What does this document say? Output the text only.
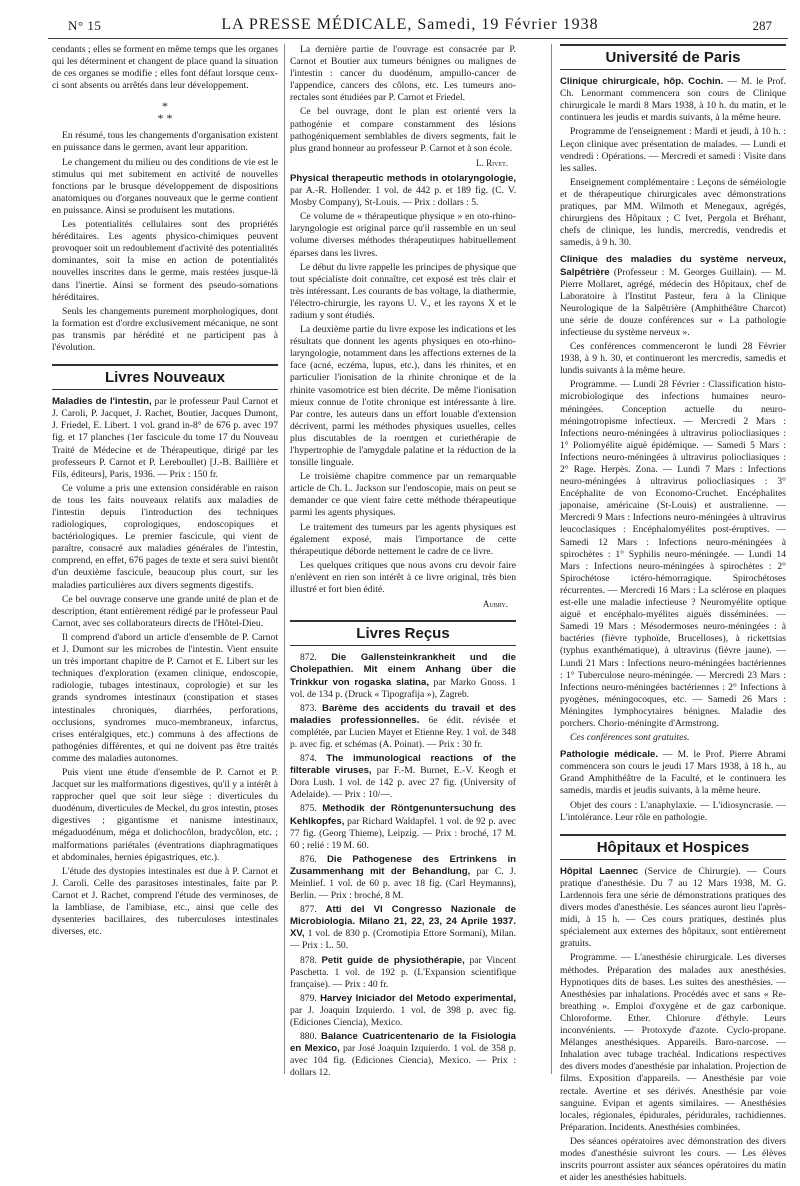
N° 15	LA PRESSE MÉDICALE, Samedi, 19 Février 1938	287

cendants ; elles se forment en même temps que les organes qui les déterminent et changent de place quand la situation de ces organes se modifie ; elles font défaut lorsque ceux-ci sont absents ou arrêtés dans leur développement.

*
* *

En résumé, tous les changements d'organisation existent en puissance dans le germen, avant leur apparition.

Le changement du milieu ou des conditions de vie est le stimulus qui met subitement en activité de nouvelles fonctions par le brusque développement de dispositions anatomiques ou d'organes nouveaux que le germe contient en puissance. Ainsi se produisent les mutations.

Les potentialités cellulaires sont des propriétés héréditaires. Les agents physico-chimiques peuvent provoquer soit un redoublement d'activité des potentialités dominantes, soit la mise en action de potentialités nouvelles inscrites dans le germe, mais restées jusque-là dans l'inertie. Ainsi se forment des pseudo-somations héréditaires.

Seuls les changements purement morphologiques, dont la formation est d'ordre exclusivement mécanique, ne sont pas transmis par hérédité et ne participent pas à l'évolution.

Livres Nouveaux

Maladies de l'intestin, par le professeur Paul Carnot et J. Caroli, P. Jacquet, J. Rachet, Boutier, Jacques Dumont, J. Friedel, E. Libert. 1 vol. grand in-8° de 676 p. avec 197 fig. et 17 planches (1er fascicule du tome 17 du Nouveau Traité de Médecine et de Thérapeutique, dirigé par les professeurs P. Carnot et P. Lereboullet) [J.-B. Baillière et Fils, éditeurs], Paris, 1936. — Prix : 150 fr.

Ce volume a pris une extension considérable en raison de tous les faits nouveaux relatifs aux maladies de l'intestin depuis l'introduction des techniques radiologiques, coprologiques, endoscopiques et bactériologiques. Le premier fascicule, qui vient de paraître, consacré aux maladies générales de l'intestin, comprend, en effet, 676 pages de texte et sera suivi bientôt d'un deuxième fascicule, beaucoup plus court, sur les maladies particulières aux divers segments digestifs.

Ce bel ouvrage conserve une grande unité de plan et de description, étant entièrement rédigé par le professeur Paul Carnot, avec ses collaborateurs directs de l'Hôtel-Dieu.

Il comprend d'abord un article d'ensemble de P. Carnot et J. Dumont sur les microbes de l'intestin. Vient ensuite un très important chapitre de P. Carnot et E. Libert sur les techniques d'exploration (examen clinique, endoscopie, radiologie, tubages intestinaux, coprologie) et sur les grands syndromes intestinaux (constipation et stases intestinales chroniques, diarrhées, perforations, occlusions, syndromes muco-membraneux, infarctus, crises entéralgiques, etc.) communs à des affections de pathogénies différentes, et qui ne doivent pas être traités comme des maladies autonomes.

Puis vient une étude d'ensemble de P. Carnot et P. Jacquet sur les malformations digestives, qu'il y a intérêt à rapprocher quel que soit leur siège : diverticules du duodénum, diverticules de Meckel, du gros intestin, ptoses digestives ; gigantisme et nanisme intestinaux, mégaduodénum, méga et dolichocôlon, bradycôlon, etc. ; malformations pariétales (éventrations diaphragmatiques et abdominales, hernies épigastriques, etc.).

L'étude des dystopies intestinales est due à P. Carnot et J. Caroli. Celle des parasitoses intestinales, faite par P. Carnot et J. Rachet, comprend l'étude des verminoses, de la lambliase, de l'amibiase, etc., ainsi que celle des dysenteries bacillaires, des tuberculoses intestinales diverses, etc.

La dernière partie de l'ouvrage est consacrée par P. Carnot et Boutier aux tumeurs bénignes ou malignes de l'intestin : cancer du duodénum, ampullo-cancer de l'appendice, cancers des côlons, etc. Les tumeurs ano-rectales sont étudiées par P. Carnot et Friedel.

Ce bel ouvrage, dont le plan est orienté vers la pathogénie et compare constamment des lésions pathogéniquement semblables de divers segments, fait le plus grand honneur au professeur P. Carnot et à son école.

L. Rivet.

Physical therapeutic methods in otolaryngologie, par A.-R. Hollender. 1 vol. de 442 p. et 189 fig. (C. V. Mosby Company), St-Louis. — Prix : dollars : 5.

Ce volume de « thérapeutique physique » en oto-rhino-laryngologie est original parce qu'il rassemble en un seul volume diverses méthodes thérapeutiques habituellement éparses dans les livres.

Le début du livre rappelle les principes de physique que tout spécialiste doit connaître, cet exposé est très clair et très intéressant. Les courants de bas voltage, la diathermie, l'électro-chirurgie, les rayons U. V., et les rayons X et le radium y sont étudiés.

La deuxième partie du livre expose les indications et les résultats que donnent les agents physiques en oto-rhino-laryngologie, notamment dans les affections externes de la face (acné, eczéma, lupus, etc.), dans les rhinites, et en particulier l'ionisation de la rhinite chronique et de la rhinite vasomotrice est bien décrite. De même l'ionisation mieux connue de l'otite chronique est intéressante à lire. Par contre, les auteurs dans un effort louable d'extension décrivent, parmi les méthodes physiques usuelles, celles plus discutables de la roentgen et curiethérapie de l'hypertrophie de l'amygdale palatine et la réduction de la tonsille linguale.

Le troisième chapitre commence par un remarquable article de Ch. L. Jackson sur l'endoscopie, mais on peut se demander ce que vient faire cette méthode thérapeutique parmi les agents physiques.

Le traitement des tumeurs par les agents physiques est également exposé, mais l'importance de cette thérapeutique déborde nettement le cadre de ce livre.

Les quelques critiques que nous avons cru devoir faire n'enlèvent en rien son intérêt à ce livre original, très bien illustré et fort bien édité.

Aubry.
Livres Reçus

872. Die Gallensteinkrankheit und die Cholepathien. Mit einem Anhang über die Trinkkur von rogaska slatina, par Marko Gnoss. 1 vol. de 134 p. (Druck « Tipografija »), Zagreb.

873. Barème des accidents du travail et des maladies professionnelles. 6e édit. révisée et complétée, par Lucien Mayet et Etienne Rey. 1 vol. de 348 p. avec fig. et schémas (A. Poinat). — Prix : 30 fr.

874. The immunological reactions of the filterable viruses, par F.-M. Burnet, E.-V. Keogh et Dora Lush. 1 vol. de 142 p. avec 27 fig. (University of Adelaide). — Prix : 10/—.

875. Methodik der Röntgenuntersuchung des Kehlkopfes, par Richard Waldapfel. 1 vol. de 92 p. avec 77 fig. (Georg Thieme), Leipzig. — Prix : broché, 17 M. 60 ; relié : 19 M. 60.

876. Die Pathogenese des Ertrinkens in Zusammenhang mit der Behandlung, par C. J. Meinlief. 1 vol. de 60 p. avec 18 fig. (Carl Heymanns), Berlin. — Prix : broché, 8 M.

877. Atti del VI Congresso Nazionale de Microbiologia. Milano 21, 22, 23, 24 Aprile 1937. XV, 1 vol. de 830 p. (Cromotipia Ettore Sormani), Milan. — Prix : L. 50.

878. Petit guide de physiothérapie, par Vincent Paschetta. 1 vol. de 192 p. (L'Expansion scientifique française). — Prix : 40 fr.

879. Harvey Iniciador del Metodo experimental, par J. Joaquin Izquierdo. 1 vol. de 398 p. avec fig. (Ediciones Ciencia), Mexico.

880. Balance Cuatricentenario de la Fisiologia en Mexico, par José Joaquin Izquierdo. 1 vol. de 358 p. avec 104 fig. (Ediciones Ciencia), Mexico. — Prix : dollars 12.

Université de Paris

Clinique chirurgicale, hôp. Cochin. — M. le Prof. Ch. Lenormant commencera son cours de Clinique chirurgicale le mardi 8 Mars 1938, à 10 h. du matin, et le continuera les jeudis et mardis suivants, à la même heure.

Programme de l'enseignement : Mardi et jeudi, à 10 h. : Leçon clinique avec présentation de malades. — Lundi et vendredi : Opérations. — Mercredi et samedi : Visite dans les salles.

Enseignement complémentaire : Leçons de séméiologie et de thérapeutique chirurgicales avec démonstrations pratiques, par MM. Wilmoth et Menegaux, agrégés, chirurgiens des Hôpitaux ; C Ivet, Pergola et Bréhant, chefs de clinique, les lundis, mercredis, vendredis et samedis, à 9 h. 30.

Clinique des maladies du système nerveux, Salpêtrière (Professeur : M. Georges Guillain). — M. Pierre Mollaret, agrégé, médecin des Hôpitaux, chef de Laboratoire à l'Institut Pasteur, fera à la Clinique Neurologique de la Salpêtrière (Amphithéâtre Charcot) une série de douze conférences sur « La pathologie infectieuse du système nerveux ».

Ces conférences commenceront le lundi 28 Février 1938, à 9 h. 30, et continueront les mercredis, samedis et lundis suivants à la même heure.

Programme. — Lundi 28 Février : Classification histo-microbiologique des infections humaines neuro-méningées. Conception actuelle du neuro-méningotropisme infectieux. — Mercredi 2 Mars : Infections neuro-méningées à ultravirus poliocliasiques : 1° Poliomyélite aiguë épidémique. — Samedi 5 Mars : Infections neuro-méningées à ultravirus poliocliasiques : 2° Rage. Herpès. Zona. — Lundi 7 Mars : Infections neuro-méningées à ultravirus poliocliasiques : 3° Encéphalite de von Economo-Cruchet. Encéphalites japonaise, américaine (St-Louis) et australienne. — Mercredi 9 Mars : Infections neuro-méningées à ultravirus leucoclasiques : Encéphalomyélites post-éruptives. — Samedi 12 Mars : Infections neuro-méningées à spirochètes : 1° Syphilis neuro-méningée. — Lundi 14 Mars : Infections neuro-méningées à spirochètes : 2° Spirochétose ictéro-hémorragique. Spirochétoses récurrentes. — Mercredi 16 Mars : La sclérose en plaques est-elle une maladie infectieuse ? Neuromyélite optique aiguë et encéphalo-myélites aiguës disséminées. — Samedi 19 Mars : Mésodermoses neuro-méningées : à bactéries (fièvre typhoïde, Brucelloses), à rickettsias (typhus exanthématique), à ultravirus (fièvre jaune). — Lundi 21 Mars : Infections neuro-méningées bactériennes : 1° Tuberculose neuro-méningée. — Mercredi 23 Mars : Infections neuro-méningées bactériennes : 2° Infections à pyogènes, méningocoques, etc. — Samedi 26 Mars : Méningites lymphocytaires bénignes. Maladie des porchers. Chorio-méningite d'Armstrong.

Ces conférences sont gratuites.

Pathologie médicale. — M. le Prof. Pierre Abrami commencera son cours le jeudi 17 Mars 1938, à 18 h., au Grand Amphithéâtre de la Faculté, et le continuera les samedis, mardis et jeudis suivants, à la même heure.

Objet des cours : L'anaphylaxie. — L'idiosyncrasie. — L'intolérance. Leur rôle en pathologie.

Hôpitaux et Hospices

Hôpital Laennec (Service de Chirurgie). — Cours pratique d'anesthésie. Du 7 au 12 Mars 1938, M. G. Lardennois fera une série de démonstrations pratiques des divers modes d'anesthésie. Les séances auront lieu l'après-midi, à 15 h. — Ces cours pratiques, destinés plus spécialement aux externes des hôpitaux, sont entièrement gratuits.

Programme. — L'anesthésie chirurgicale. Les diverses méthodes. Préparation des malades aux anesthésies. Hypnotiques dits de bases. Les suites des anesthésies. — Anesthésies par inhalations. Procédés avec et sans « Re-breathing ». Emploi d'oxygène et de gaz carbonique. Chloroforme. Ether. Chlorure d'éthyle. Leurs inconvénients. — Protoxyde d'azote. Cyclo-propane. Mélanges anesthésiques. Appareils. Baro-narcose. — Inhalation avec tubage trachéal. Indications respectives des divers modes d'anesthésie par inhalation. Projection de films. Exposition d'appareils. — Anesthésie par voie rectale. Avertine et ses dérivés. Anesthésie par voie sanguine. Evipan et agents similaires. — Anesthésies locales, régionales, épidurales, péridurales, rachidiennes. Préparation. Incidents. Anesthésies combinées.

Des séances opératoires avec démonstration des divers modes d'anesthésie suivront les cours. — Les élèves inscrits pourront assister aux séances opératoires du matin et aider les anesthésies habituels.
